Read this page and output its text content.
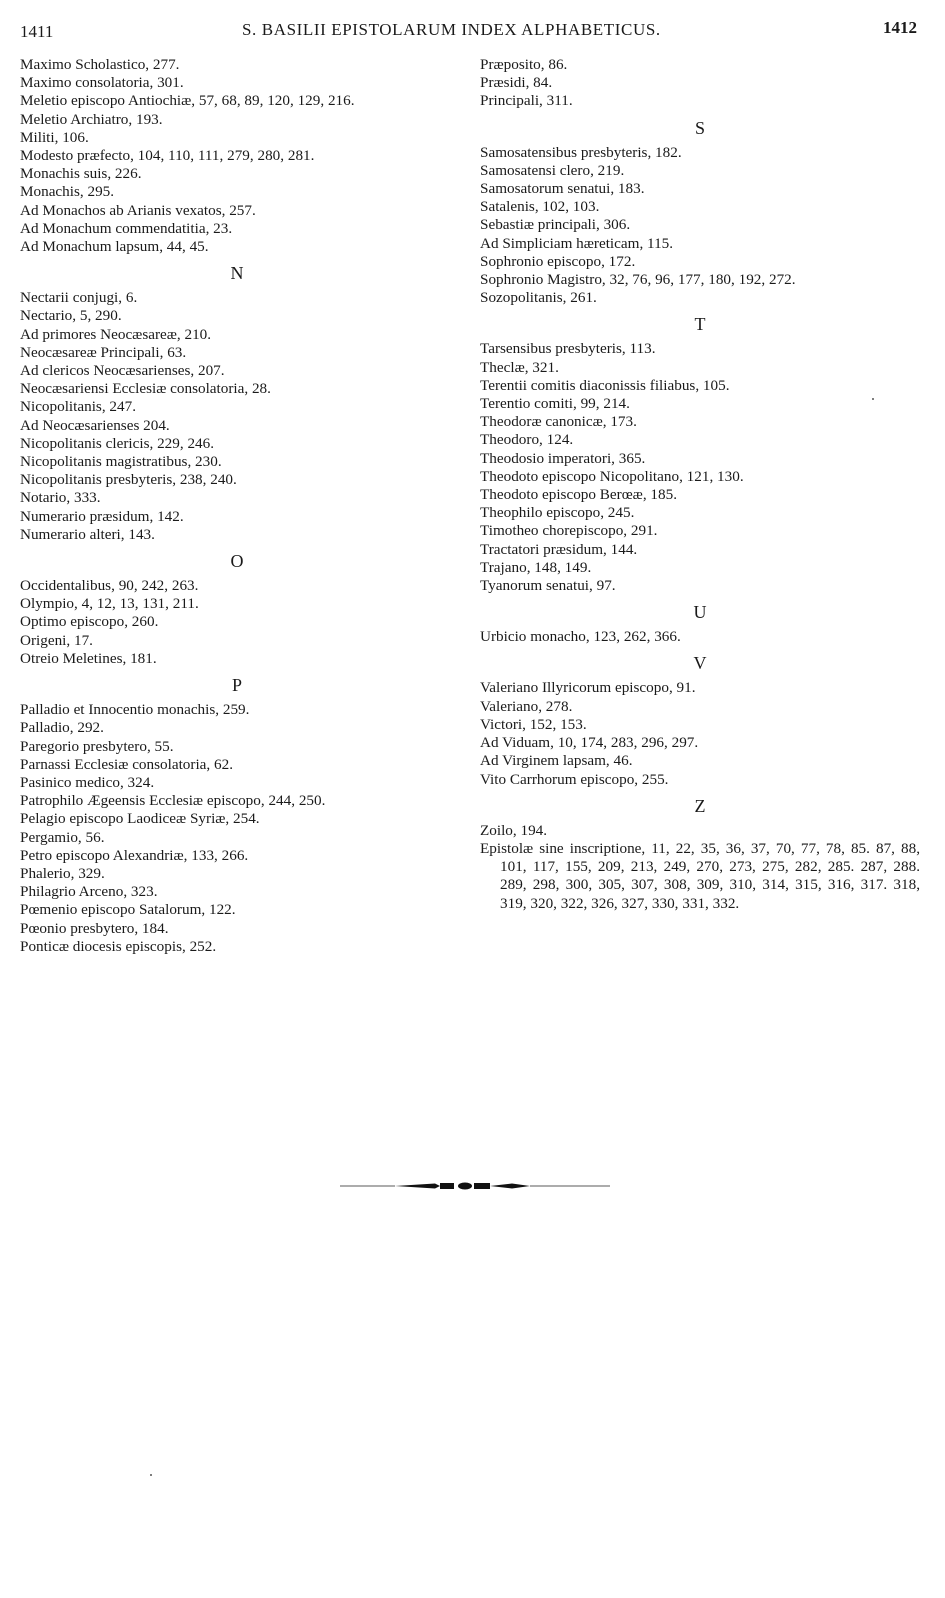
1411	S. BASILII EPISTOLARUM INDEX ALPHABETICUS.	1412
Maximo Scholastico, 277.
Maximo consolatoria, 301.
Meletio episcopo Antiochiæ, 57, 68, 89, 120, 129, 216.
Meletio Archiatro, 193.
Militi, 106.
Modesto præfecto, 104, 110, 111, 279, 280, 281.
Monachis suis, 226.
Monachis, 295.
Ad Monachos ab Arianis vexatos, 257.
Ad Monachum commendatitia, 23.
Ad Monachum lapsum, 44, 45.
N
Nectarii conjugi, 6.
Nectario, 5, 290.
Ad primores Neocæsareæ, 210.
Neocæsareæ Principali, 63.
Ad clericos Neocæsarienses, 207.
Neocæsariensi Ecclesiæ consolatoria, 28.
Nicopolitanis, 247.
Ad Neocæsarienses 204.
Nicopolitanis clericis, 229, 246.
Nicopolitanis magistratibus, 230.
Nicopolitanis presbyteris, 238, 240.
Notario, 333.
Numerario præsidum, 142.
Numerario alteri, 143.
O
Occidentalibus, 90, 242, 263.
Olympio, 4, 12, 13, 131, 211.
Optimo episcopo, 260.
Origeni, 17.
Otreio Meletines, 181.
P
Palladio et Innocentio monachis, 259.
Palladio, 292.
Paregorio presbytero, 55.
Parnassi Ecclesiæ consolatoria, 62.
Pasinico medico, 324.
Patrophilo Ægeensis Ecclesiæ episcopo, 244, 250.
Pelagio episcopo Laodiceæ Syriæ, 254.
Pergamio, 56.
Petro episcopo Alexandriæ, 133, 266.
Phalerio, 329.
Philagrio Arceno, 323.
Pœmenio episcopo Satalorum, 122.
Pœonio presbytero, 184.
Ponticæ diocesis episcopis, 252.
Præposito, 86.
Præsidi, 84.
Principali, 311.
S
Samosatensibus presbyteris, 182.
Samosatensi clero, 219.
Samosatorum senatui, 183.
Satalenis, 102, 103.
Sebastiæ principali, 306.
Ad Simpliciam hæreticam, 115.
Sophronio episcopo, 172.
Sophronio Magistro, 32, 76, 96, 177, 180, 192, 272.
Sozopolitanis, 261.
T
Tarsensibus presbyteris, 113.
Theclæ, 321.
Terentii comitis diaconissis filiabus, 105.
Terentio comiti, 99, 214.
Theodoræ canonicæ, 173.
Theodoro, 124.
Theodosio imperatori, 365.
Theodoto episcopo Nicopolitano, 121, 130.
Theodoto episcopo Berœæ, 185.
Theophilo episcopo, 245.
Timotheo chorepiscopo, 291.
Tractatori præsidum, 144.
Trajano, 148, 149.
Tyanorum senatui, 97.
U
Urbicio monacho, 123, 262, 366.
V
Valeriano Illyricorum episcopo, 91.
Valeriano, 278.
Victori, 152, 153.
Ad Viduam, 10, 174, 283, 296, 297.
Ad Virginem lapsam, 46.
Vito Carrhorum episcopo, 255.
Z
Zoilo, 194.
Epistolæ sine inscriptione, 11, 22, 35, 36, 37, 70, 77, 78, 85. 87, 88, 101, 117, 155, 209, 213, 249, 270, 273, 275, 282, 285. 287, 288. 289, 298, 300, 305, 307, 308, 309, 310, 314, 315, 316, 317. 318, 319, 320, 322, 326, 327, 330, 331, 332.
